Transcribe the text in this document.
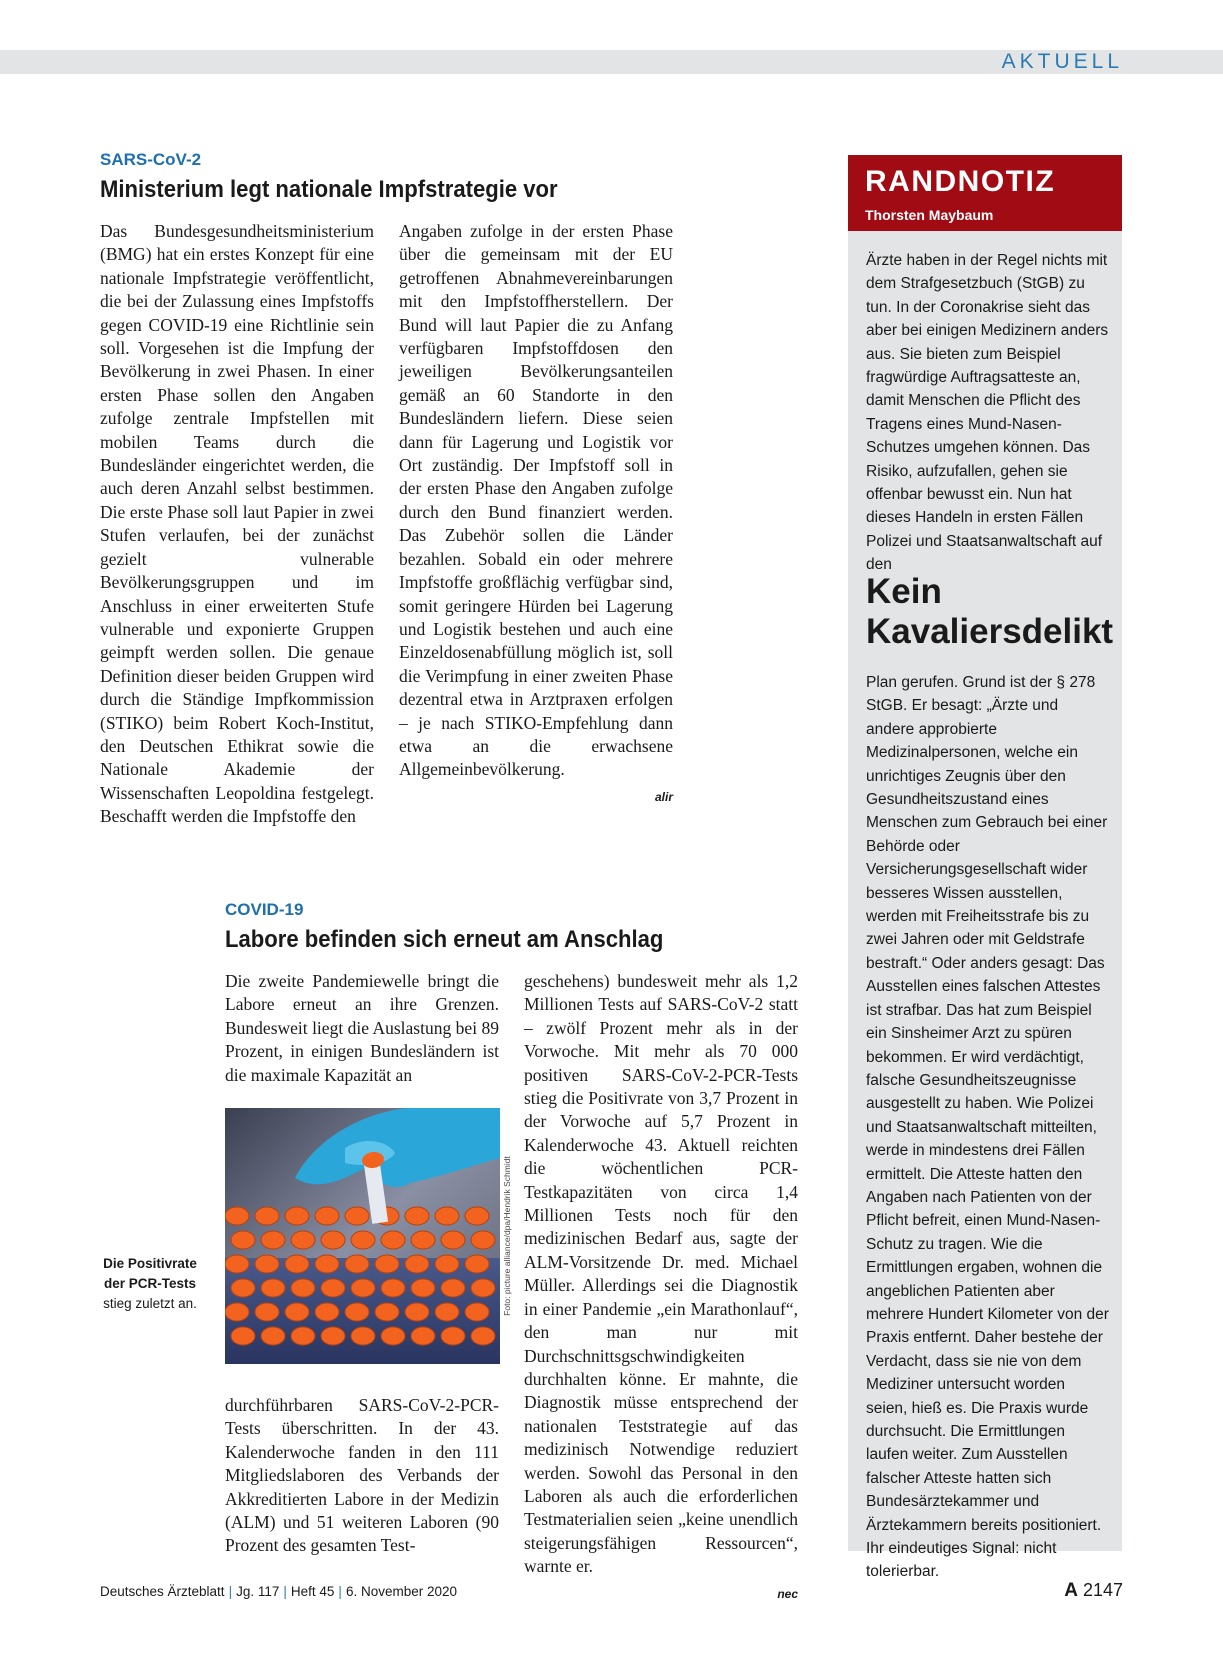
AKTUELL
SARS-CoV-2
Ministerium legt nationale Impfstrategie vor

Das Bundesgesundheitsministerium (BMG) hat ein erstes Konzept für eine nationale Impfstrategie veröffentlicht, die bei der Zulassung eines Impfstoffs gegen COVID-19 eine Richtlinie sein soll. Vorgesehen ist die Impfung der Bevölkerung in zwei Phasen. In einer ersten Phase sollen den Angaben zufolge zentrale Impfstellen mit mobilen Teams durch die Bundesländer eingerichtet werden, die auch deren Anzahl selbst bestimmen. Die erste Phase soll laut Papier in zwei Stufen verlaufen, bei der zunächst gezielt vulnerable Bevölkerungsgruppen und im Anschluss in einer erweiterten Stufe vulnerable und exponierte Gruppen geimpft werden sollen. Die genaue Definition dieser beiden Gruppen wird durch die Ständige Impfkommission (STIKO) beim Robert Koch-Institut, den Deutschen Ethikrat sowie die Nationale Akademie der Wissenschaften Leopoldina festgelegt. Beschafft werden die Impfstoffe den

Angaben zufolge in der ersten Phase über die gemeinsam mit der EU getroffenen Abnahmevereinbarungen mit den Impfstoffherstellern. Der Bund will laut Papier die zu Anfang verfügbaren Impfstoffdosen den jeweiligen Bevölkerungsanteilen gemäß an 60 Standorte in den Bundesländern liefern. Diese seien dann für Lagerung und Logistik vor Ort zuständig. Der Impfstoff soll in der ersten Phase den Angaben zufolge durch den Bund finanziert werden. Das Zubehör sollen die Länder bezahlen. Sobald ein oder mehrere Impfstoffe großflächig verfügbar sind, somit geringere Hürden bei Lagerung und Logistik bestehen und auch eine Einzeldosenabfüllung möglich ist, soll die Verimpfung in einer zweiten Phase dezentral etwa in Arztpraxen erfolgen – je nach STIKO-Empfehlung dann etwa an die erwachsene Allgemeinbevölkerung.

alir
COVID-19
Labore befinden sich erneut am Anschlag

Die zweite Pandemiewelle bringt die Labore erneut an ihre Grenzen. Bundesweit liegt die Auslastung bei 89 Prozent, in einigen Bundesländern ist die maximale Kapazität an

Foto: picture alliance/dpa/Hendrik Schmidt
Die Positivrate der PCR-Tests
stieg zuletzt an.

durchführbaren SARS-CoV-2-PCR-Tests überschritten. In der 43. Kalenderwoche fanden in den 111 Mitgliedslaboren des Verbands der Akkreditierten Labore in der Medizin (ALM) und 51 weiteren Laboren (90 Prozent des gesamten Test-

geschehens) bundesweit mehr als 1,2 Millionen Tests auf SARS-CoV-2 statt – zwölf Prozent mehr als in der Vorwoche. Mit mehr als 70 000 positiven SARS-CoV-2-PCR-Tests stieg die Positivrate von 3,7 Prozent in der Vorwoche auf 5,7 Prozent in Kalenderwoche 43. Aktuell reichten die wöchentlichen PCR-Testkapazitäten von circa 1,4 Millionen Tests noch für den medizinischen Bedarf aus, sagte der ALM-Vorsitzende Dr. med. Michael Müller. Allerdings sei die Diagnostik in einer Pandemie „ein Marathonlauf“, den man nur mit Durchschnittsgschwindigkeiten durchhalten könne. Er mahnte, die Diagnostik müsse entsprechend der nationalen Teststrategie auf das medizinisch Notwendige reduziert werden. Sowohl das Personal in den Laboren als auch die erforderlichen Testmaterialien seien „keine unendlich steigerungsfähigen Ressourcen“, warnte er.

nec
RANDNOTIZ
Thorsten Maybaum

Ärzte haben in der Regel nichts mit dem Strafgesetzbuch (StGB) zu tun. In der Coronakrise sieht das aber bei einigen Medizinern anders aus. Sie bieten zum Beispiel fragwürdige Auftragsatteste an, damit Menschen die Pflicht des Tragens eines Mund-Nasen-Schutzes umgehen können. Das Risiko, aufzufallen, gehen sie offenbar bewusst ein. Nun hat dieses Handeln in ersten Fällen Polizei und Staatsanwaltschaft auf den

Kein Kavaliersdelikt

Plan gerufen. Grund ist der § 278 StGB. Er besagt: „Ärzte und andere approbierte Medizinalpersonen, welche ein unrichtiges Zeugnis über den Gesundheitszustand eines Menschen zum Gebrauch bei einer Behörde oder Versicherungsgesellschaft wider besseres Wissen ausstellen, werden mit Freiheitsstrafe bis zu zwei Jahren oder mit Geldstrafe bestraft.“ Oder anders gesagt: Das Ausstellen eines falschen Attestes ist strafbar. Das hat zum Beispiel ein Sinsheimer Arzt zu spüren bekommen. Er wird verdächtigt, falsche Gesundheitszeugnisse ausgestellt zu haben. Wie Polizei und Staatsanwaltschaft mitteilten, werde in mindestens drei Fällen ermittelt. Die Atteste hatten den Angaben nach Patienten von der Pflicht befreit, einen Mund-Nasen-Schutz zu tragen. Wie die Ermittlungen ergaben, wohnen die angeblichen Patienten aber mehrere Hundert Kilometer von der Praxis entfernt. Daher bestehe der Verdacht, dass sie nie von dem Mediziner untersucht worden seien, hieß es. Die Praxis wurde durchsucht. Die Ermittlungen laufen weiter. Zum Ausstellen falscher Atteste hatten sich Bundesärztekammer und Ärztekammern bereits positioniert. Ihr eindeutiges Signal: nicht tolerierbar.

Deutsches Ärzteblatt | Jg. 117 | Heft 45 | 6. November 2020	A 2147
